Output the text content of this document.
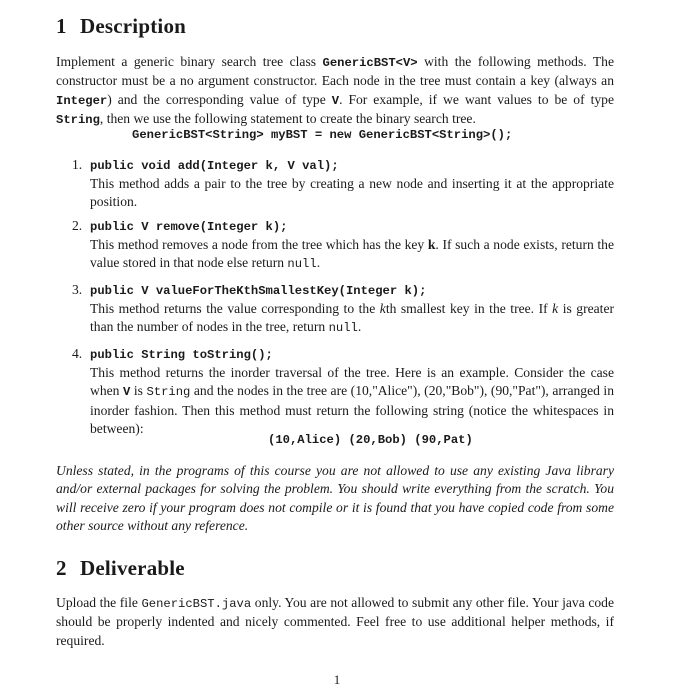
1 Description

Implement a generic binary search tree class GenericBST<V> with the following methods. The constructor must be a no argument constructor. Each node in the tree must contain a key (always an Integer) and the corresponding value of type V. For example, if we want values to be of type String, then we use the following statement to create the binary search tree.

GenericBST<String> myBST = new GenericBST<String>();
1. public void add(Integer k, V val);

This method adds a pair to the tree by creating a new node and inserting it at the appropriate position.

2. public V remove(Integer k);

This method removes a node from the tree which has the key k. If such a node exists, return the value stored in that node else return null.

3. public V valueForTheKthSmallestKey(Integer k);

This method returns the value corresponding to the kth smallest key in the tree. If k is greater than the number of nodes in the tree, return null.

4. public String toString();

This method returns the inorder traversal of the tree. Here is an example. Consider the case when V is String and the nodes in the tree are (10,"Alice"), (20,"Bob"), (90,"Pat"), arranged in inorder fashion. Then this method must return the following string (notice the whitespaces in between):

(10,Alice) (20,Bob) (90,Pat)

Unless stated, in the programs of this course you are not allowed to use any existing Java library and/or external packages for solving the problem. You should write everything from the scratch. You will receive zero if your program does not compile or it is found that you have copied code from some other source without any reference.

2 Deliverable

Upload the file GenericBST.java only. You are not allowed to submit any other file. Your java code should be properly indented and nicely commented. Feel free to use additional helper methods, if required.

1
